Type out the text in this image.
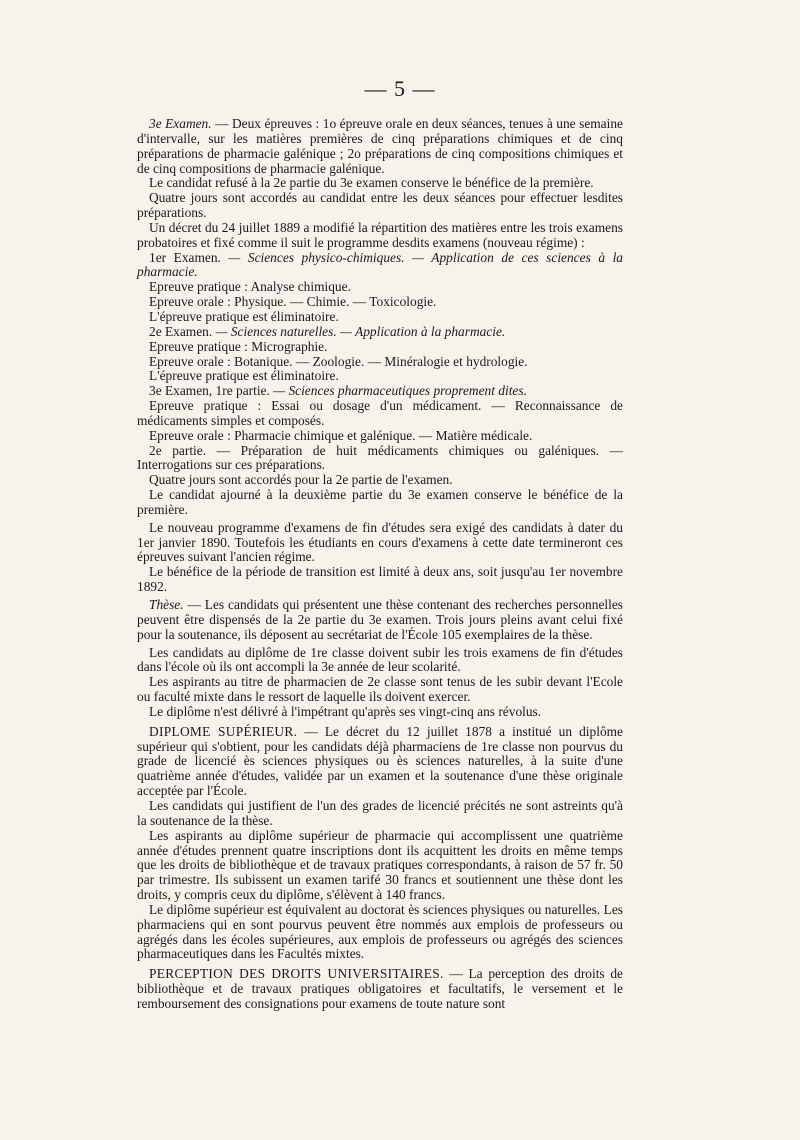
— 5 —

3e Examen. — Deux épreuves : 1o épreuve orale en deux séances, tenues à une semaine d'intervalle, sur les matières premières de cinq préparations chimiques et de cinq préparations de pharmacie galénique ; 2o préparations de cinq compositions chimiques et de cinq compositions de pharmacie galénique.

Le candidat refusé à la 2e partie du 3e examen conserve le bénéfice de la première.

Quatre jours sont accordés au candidat entre les deux séances pour effectuer lesdites préparations.

Un décret du 24 juillet 1889 a modifié la répartition des matières entre les trois examens probatoires et fixé comme il suit le programme desdits examens (nouveau régime) :

1er Examen. — Sciences physico-chimiques. — Application de ces sciences à la pharmacie.

Epreuve pratique : Analyse chimique.

Epreuve orale : Physique. — Chimie. — Toxicologie.

L'épreuve pratique est éliminatoire.

2e Examen. — Sciences naturelles. — Application à la pharmacie.

Epreuve pratique : Micrographie.

Epreuve orale : Botanique. — Zoologie. — Minéralogie et hydrologie.

L'épreuve pratique est éliminatoire.

3e Examen, 1re partie. — Sciences pharmaceutiques proprement dites.

Epreuve pratique : Essai ou dosage d'un médicament. — Reconnaissance de médicaments simples et composés.

Epreuve orale : Pharmacie chimique et galénique. — Matière médicale.

2e partie. — Préparation de huit médicaments chimiques ou galéniques. — Interrogations sur ces préparations.

Quatre jours sont accordés pour la 2e partie de l'examen.

Le candidat ajourné à la deuxième partie du 3e examen conserve le bénéfice de la première.

Le nouveau programme d'examens de fin d'études sera exigé des candidats à dater du 1er janvier 1890. Toutefois les étudiants en cours d'examens à cette date termineront ces épreuves suivant l'ancien régime.

Le bénéfice de la période de transition est limité à deux ans, soit jusqu'au 1er novembre 1892.

Thèse. — Les candidats qui présentent une thèse contenant des recherches personnelles peuvent être dispensés de la 2e partie du 3e examen. Trois jours pleins avant celui fixé pour la soutenance, ils déposent au secrétariat de l'École 105 exemplaires de la thèse.

Les candidats au diplôme de 1re classe doivent subir les trois examens de fin d'études dans l'école où ils ont accompli la 3e année de leur scolarité.

Les aspirants au titre de pharmacien de 2e classe sont tenus de les subir devant l'Ecole ou faculté mixte dans le ressort de laquelle ils doivent exercer.

Le diplôme n'est délivré à l'impétrant qu'après ses vingt-cinq ans révolus.

DIPLOME SUPÉRIEUR. — Le décret du 12 juillet 1878 a institué un diplôme supérieur qui s'obtient, pour les candidats déjà pharmaciens de 1re classe non pourvus du grade de licencié ès sciences physiques ou ès sciences naturelles, à la suite d'une quatrième année d'études, validée par un examen et la soutenance d'une thèse originale acceptée par l'École.

Les candidats qui justifient de l'un des grades de licencié précités ne sont astreints qu'à la soutenance de la thèse.

Les aspirants au diplôme supérieur de pharmacie qui accomplissent une quatrième année d'études prennent quatre inscriptions dont ils acquittent les droits en même temps que les droits de bibliothèque et de travaux pratiques correspondants, à raison de 57 fr. 50 par trimestre. Ils subissent un examen tarifé 30 francs et soutiennent une thèse dont les droits, y compris ceux du diplôme, s'élèvent à 140 francs.

Le diplôme supérieur est équivalent au doctorat ès sciences physiques ou naturelles. Les pharmaciens qui en sont pourvus peuvent être nommés aux emplois de professeurs ou agrégés dans les écoles supérieures, aux emplois de professeurs ou agrégés des sciences pharmaceutiques dans les Facultés mixtes.

PERCEPTION DES DROITS UNIVERSITAIRES. — La perception des droits de bibliothèque et de travaux pratiques obligatoires et facultatifs, le versement et le remboursement des consignations pour examens de toute nature sont
